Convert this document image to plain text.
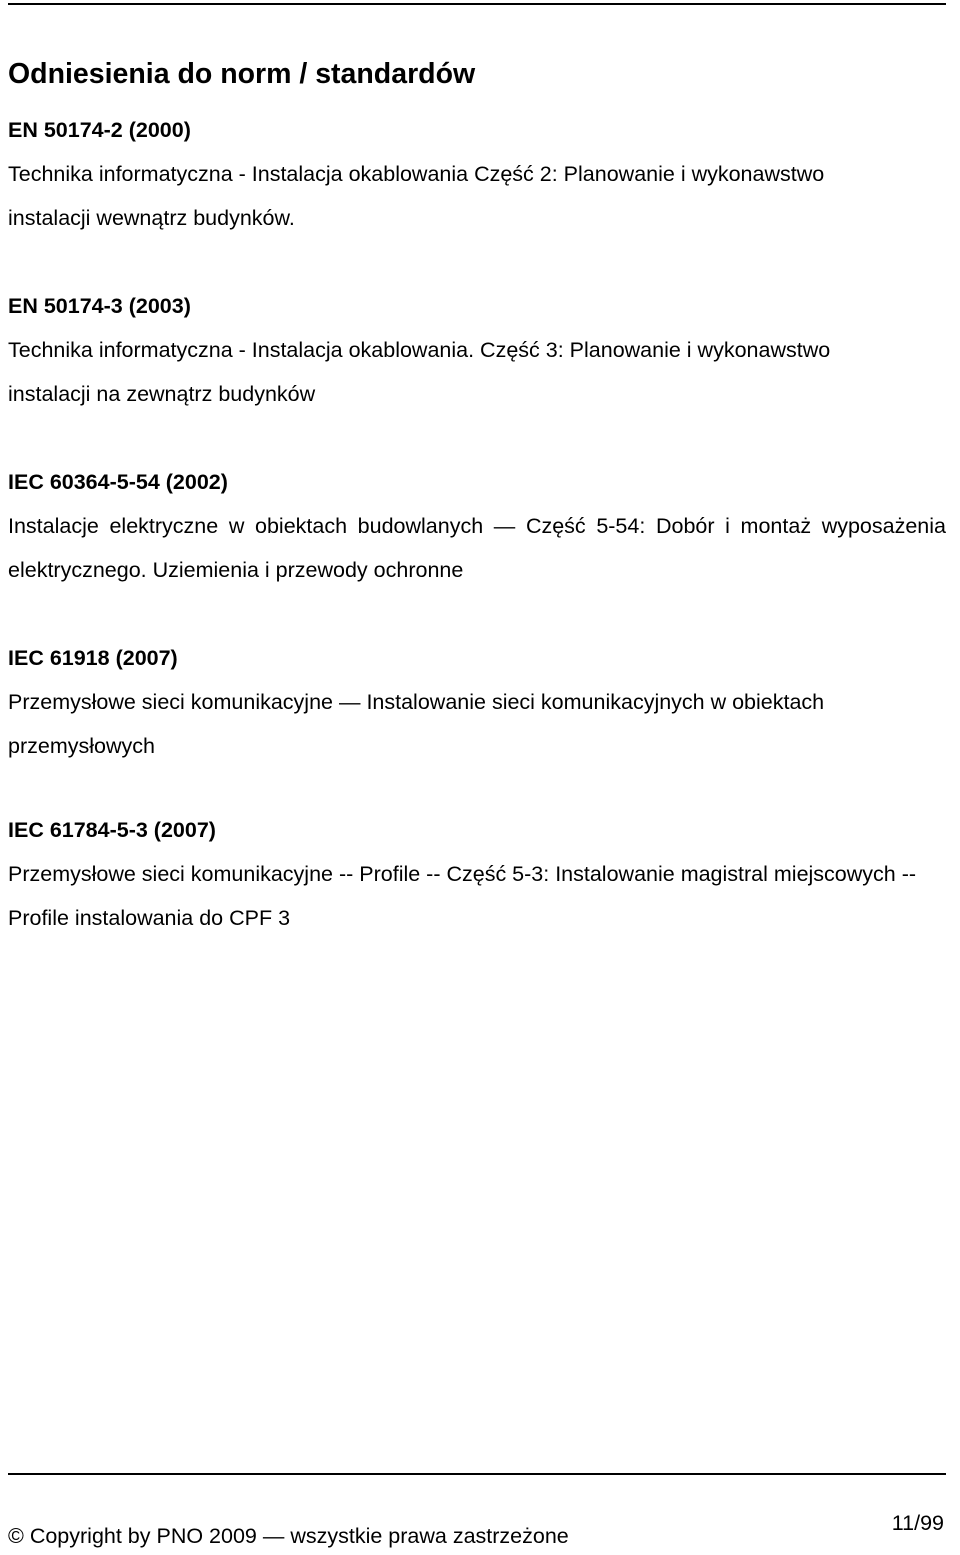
Odniesienia do norm / standardów
EN 50174-2 (2000)
Technika informatyczna - Instalacja okablowania Część 2: Planowanie i wykonawstwo instalacji wewnątrz budynków.
EN 50174-3 (2003)
Technika informatyczna - Instalacja okablowania. Część 3: Planowanie i wykonawstwo instalacji na zewnątrz budynków
IEC 60364-5-54 (2002)
Instalacje elektryczne w obiektach budowlanych — Część 5-54: Dobór i montaż wyposażenia elektrycznego. Uziemienia i przewody ochronne
IEC 61918 (2007)
Przemysłowe sieci komunikacyjne — Instalowanie sieci komunikacyjnych w obiektach przemysłowych
IEC 61784-5-3 (2007)
Przemysłowe sieci komunikacyjne -- Profile -- Część 5-3: Instalowanie magistral miejscowych -- Profile instalowania do CPF 3
11/99
© Copyright by PNO 2009 — wszystkie prawa zastrzeżone
